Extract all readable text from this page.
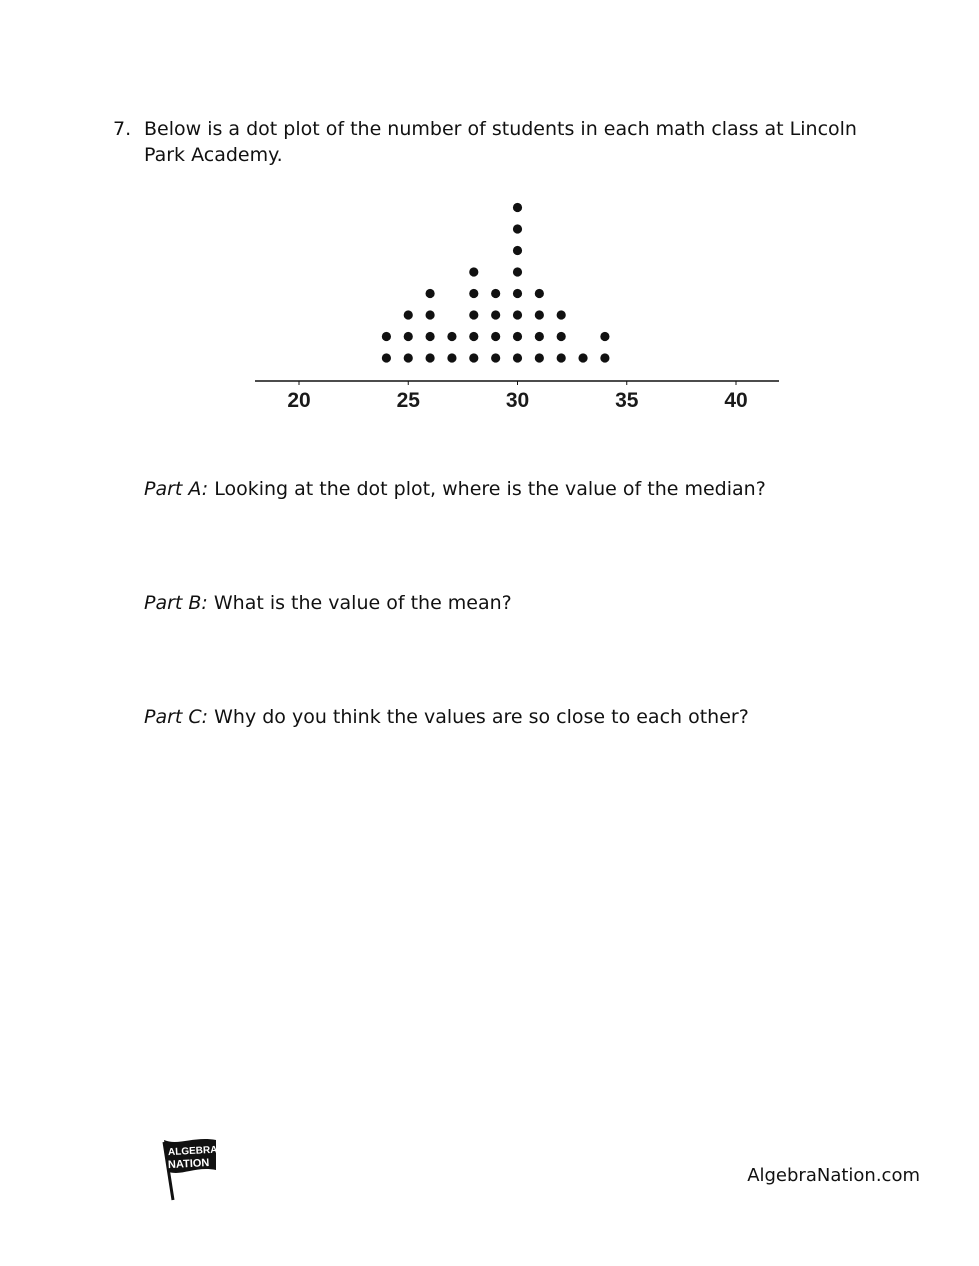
7. Below is a dot plot of the number of students in each math class at Lincoln Park Academy.
20	25	30	35	40
Part A: Looking at the dot plot, where is the value of the median?
Part B: What is the value of the mean?
Part C: Why do you think the values are so close to each other?
ALGEBRA
NATION
AlgebraNation.com
